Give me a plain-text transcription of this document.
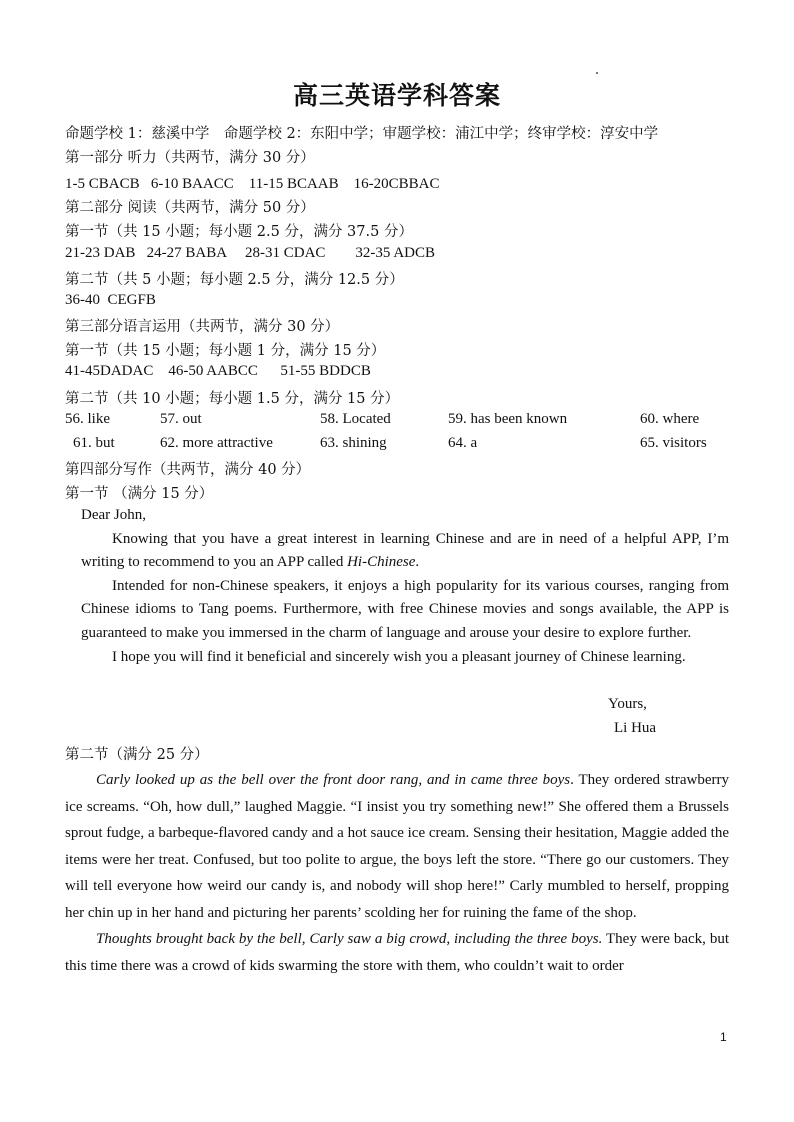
高三英语学科答案
命题学校 1：慈溪中学　命题学校 2：东阳中学；审题学校：浦江中学；终审学校：淳安中学
第一部分 听力（共两节，满分 30 分）
1-5 CBACB   6-10 BAACC    11-15 BCAAB    16-20CBBAC
第二部分 阅读（共两节，满分 50 分）
第一节（共 15 小题；每小题 2.5 分，满分 37.5 分）
21-23 DAB   24-27 BABA     28-31 CDAC        32-35 ADCB
第二节（共 5 小题；每小题 2.5 分，满分 12.5 分）
36-40  CEGFB
第三部分语言运用（共两节，满分 30 分）
第一节（共 15 小题；每小题 1 分，满分 15 分）
41-45DADAC    46-50 AABCC      51-55 BDDCB
第二节（共 10 小题；每小题 1.5 分，满分 15 分）
56. like	57. out	58. Located	59. has been known	60. where
61. but	62. more attractive	63. shining	64. a	65. visitors
第四部分写作（共两节，满分 40 分）
第一节 （满分 15 分）

Dear John,

Knowing that you have a great interest in learning Chinese and are in need of a helpful APP, I’m writing to recommend to you an APP called Hi-Chinese.

Intended for non-Chinese speakers, it enjoys a high popularity for its various courses, ranging from Chinese idioms to Tang poems. Furthermore, with free Chinese movies and songs available, the APP is guaranteed to make you immersed in the charm of language and arouse your desire to explore further.

I hope you will find it beneficial and sincerely wish you a pleasant journey of Chinese learning.

Yours,
Li Hua
第二节（满分 25 分）

Carly looked up as the bell over the front door rang, and in came three boys. They ordered strawberry ice screams. “Oh, how dull,” laughed Maggie. “I insist you try something new!” She offered them a Brussels sprout fudge, a barbeque-flavored candy and a hot sauce ice cream. Sensing their hesitation, Maggie added the items were her treat. Confused, but too polite to argue, the boys left the store. “There go our customers. They will tell everyone how weird our candy is, and nobody will shop here!” Carly mumbled to herself, propping her chin up in her hand and picturing her parents’ scolding her for ruining the fame of the shop.

Thoughts brought back by the bell, Carly saw a big crowd, including the three boys. They were back, but this time there was a crowd of kids swarming the store with them, who couldn’t wait to order

1
